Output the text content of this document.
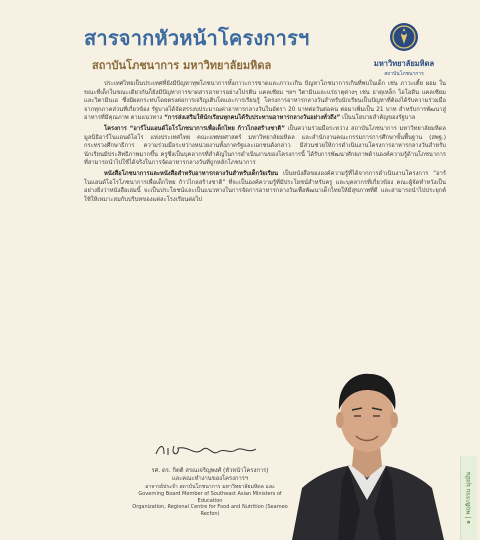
สารจากหัวหน้าโครงการฯ
สถาบันโภชนาการ มหาวิทยาลัยมหิดล	มหาวิทยาลัยมหิดล
สถาบันโภชนาการ

ประเทศไทยเป็นประเทศที่ยังมีปัญหาทุพโภชนาการทั้งภาวะการขาดและภาวะเกิน ปัญหาโภชนาการเกินที่พบในเด็ก เช่น ภาวะเตี้ย ผอม ในขณะที่เด็กในขณะเดียวกันก็ยังมีปัญหาการขาดสารอาหารอย่างโปรตีน แคลเซียม ฯลฯ วิตามินและแร่ธาตุต่างๆ เช่น ธาตุเหล็ก ไอโอดีน แคลเซียม และวิตามินเอ ซึ่งมีผลกระทบโดยตรงต่อการเจริญเติบโตและการเรียนรู้ โครงการอาหารกลางวันสำหรับนักเรียนเป็นปัญหาที่ต้องได้รับความร่วมมือจากทุกภาคส่วนที่เกี่ยวข้อง รัฐบาลได้จัดสรรงบประมาณค่าอาหารกลางวันในอัตรา 20 บาทต่อวันต่อคน ต่อมาเพิ่มเป็น 21 บาท สำหรับการพัฒนาสู่อาหารที่มีคุณภาพ ตามแนวทาง “การส่งเสริมให้นักเรียนทุกคนได้รับประทานอาหารกลางวันอย่างทั่วถึง” เป็นนโยบายสำคัญของรัฐบาล

โครงการ “อาร์โนแอนด์โอโรโภชนาการเพื่อเด็กไทย ก้าวไกลสร้างชาติ” เป็นความร่วมมือระหว่าง สถาบันโภชนาการ มหาวิทยาลัยมหิดล มูลนิธิอาร์โนแอนด์โอโร แห่งประเทศไทย คณะแพทยศาสตร์ มหาวิทยาลัยมหิดล และสำนักงานคณะกรรมการการศึกษาขั้นพื้นฐาน (สพฐ.) กระทรวงศึกษาธิการ ความร่วมมือระหว่างหน่วยงานทั้งภาครัฐและเอกชนดังกล่าว มีส่วนช่วยให้การดำเนินงานโครงการอาหารกลางวันสำหรับนักเรียนมีประสิทธิภาพมากขึ้น ครูซึ่งเป็นบุคลากรที่สำคัญในการดำเนินงานของโครงการนี้ ได้รับการพัฒนาศักยภาพด้านองค์ความรู้ด้านโภชนาการที่สามารถนำไปใช้ได้จริงในการจัดอาหารกลางวันที่ถูกหลักโภชนาการ

หนังสือโภชนาการและหนังสือสำหรับอาหารกลางวันสำหรับเด็กวัยเรียน เป็นหนังสือขององค์ความรู้ที่ได้จากการดำเนินงานโครงการ “อาร์โนแอนด์โอโรโภชนาการเพื่อเด็กไทย ก้าวไกลสร้างชาติ” ที่จะเป็นองค์ความรู้ที่มีประโยชน์สำหรับครู และบุคลากรที่เกี่ยวข้อง คณะผู้จัดทำหวังเป็นอย่างยิ่งว่าหนังสือเล่มนี้ จะเป็นประโยชน์และเป็นแนวทางในการจัดการอาหารกลางวันเพื่อพัฒนาเด็กไทยให้มีสุขภาพที่ดี และสามารถนำไปประยุกต์ใช้ให้เหมาะสมกับบริบทของแต่ละโรงเรียนต่อไป

รศ. ดร. กิตติ สรณเจริญพงศ์ (หัวหน้าโครงการ)
และคณะทำงานของโครงการฯ
อาจารย์ประจำ สถาบันโภชนาการ มหาวิทยาลัยมหิดล และ
Governing Board Member of Southeast Asian Ministers of Education
Organization, Regional Centre for Food and Nutrition (Seameo Recfon)	๑ | พฤติกรรม มุ่งมั่น
